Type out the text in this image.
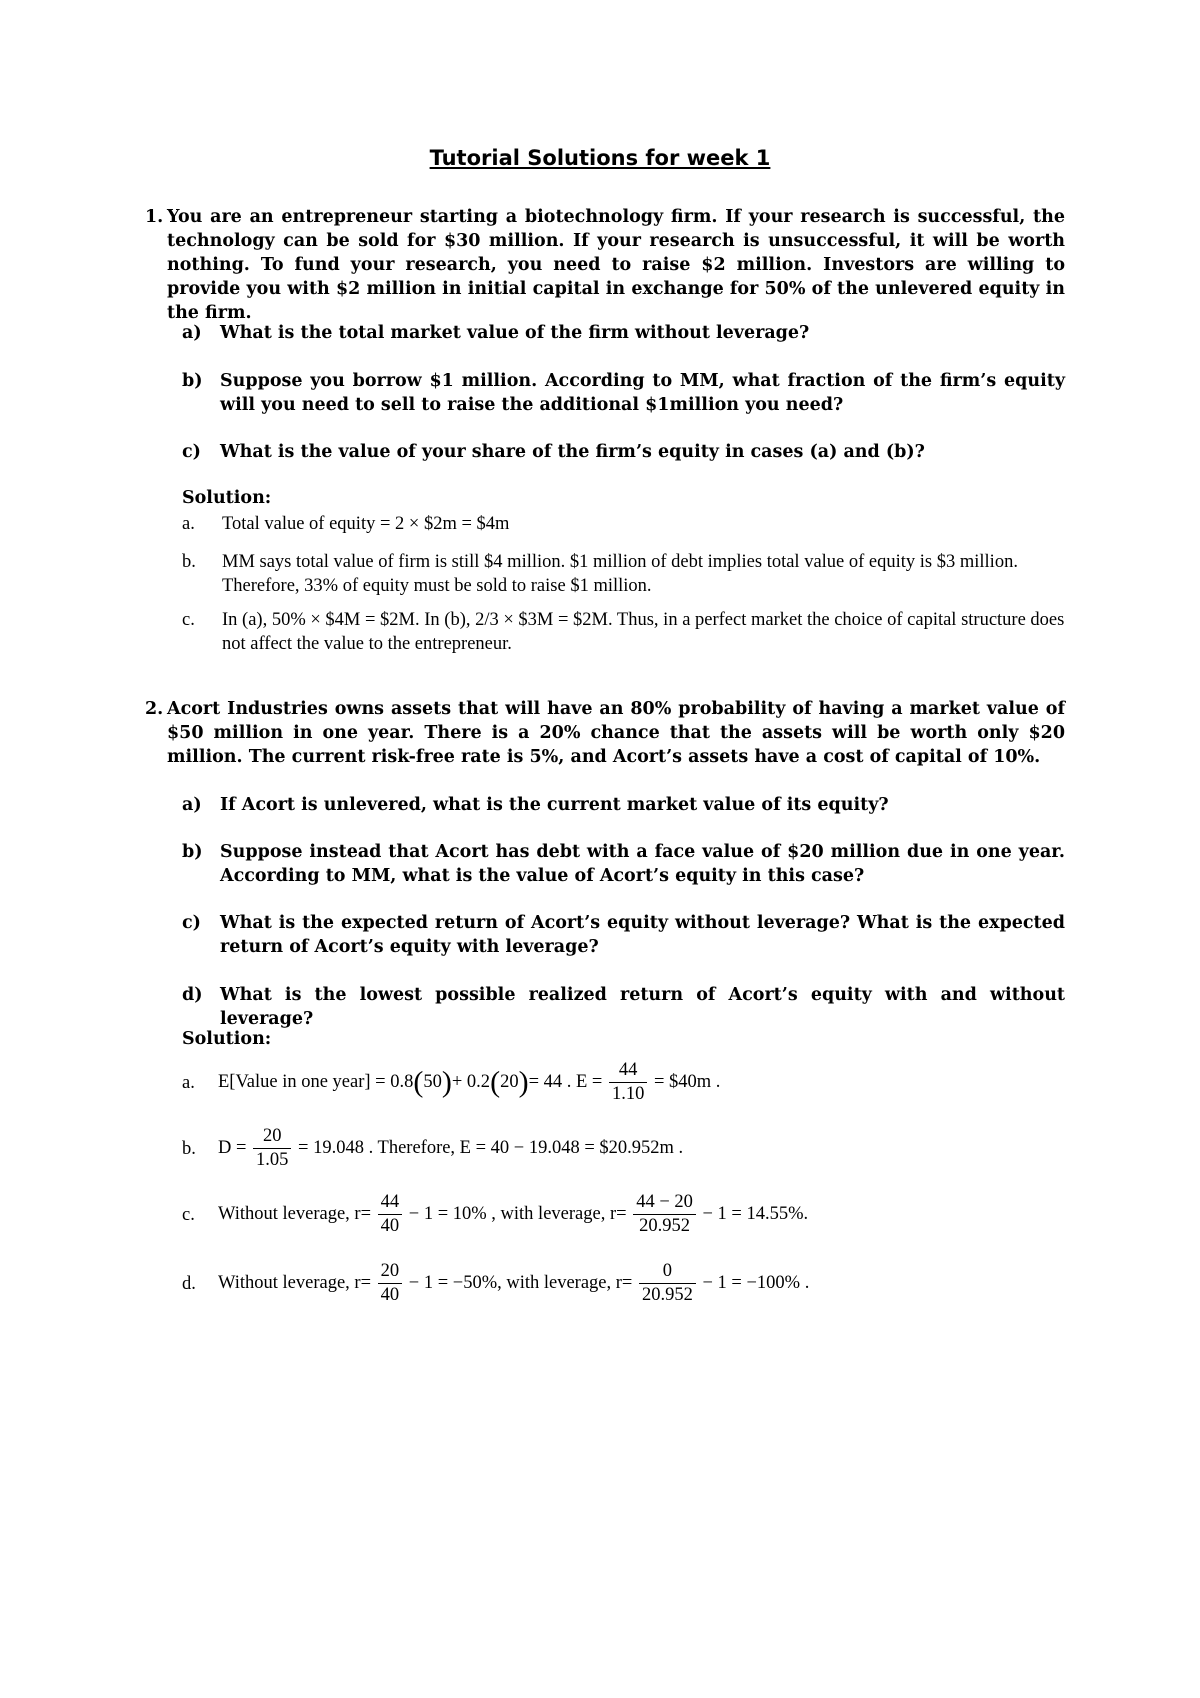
Tutorial Solutions for week 1
1. You are an entrepreneur starting a biotechnology firm. If your research is successful, the technology can be sold for $30 million. If your research is unsuccessful, it will be worth nothing. To fund your research, you need to raise $2 million. Investors are willing to provide you with $2 million in initial capital in exchange for 50% of the unlevered equity in the firm.
a) What is the total market value of the firm without leverage?
b) Suppose you borrow $1 million. According to MM, what fraction of the firm’s equity will you need to sell to raise the additional $1million you need?
c) What is the value of your share of the firm’s equity in cases (a) and (b)?
Solution:
a. Total value of equity = 2 × $2m = $4m
b. MM says total value of firm is still $4 million. $1 million of debt implies total value of equity is $3 million. Therefore, 33% of equity must be sold to raise $1 million.
c. In (a), 50% × $4M = $2M. In (b), 2/3 × $3M = $2M. Thus, in a perfect market the choice of capital structure does not affect the value to the entrepreneur.
2. Acort Industries owns assets that will have an 80% probability of having a market value of $50 million in one year. There is a 20% chance that the assets will be worth only $20 million. The current risk-free rate is 5%, and Acort’s assets have a cost of capital of 10%.
a) If Acort is unlevered, what is the current market value of its equity?
b) Suppose instead that Acort has debt with a face value of $20 million due in one year. According to MM, what is the value of Acort’s equity in this case?
c) What is the expected return of Acort’s equity without leverage? What is the expected return of Acort’s equity with leverage?
d) What is the lowest possible realized return of Acort’s equity with and without leverage?
Solution:
a. E[Value in one year] = 0.8(50)+ 0.2(20)= 44 . $E = \frac{44}{1.10}$ = $40m .
b. $D = \frac{20}{1.05} = 19.048$ . Therefore, E = 40 − 19.048 = $20.952m .
c. Without leverage, $r= \frac{44}{40} - 1 = 10\%$ , with leverage, $r= \frac{44 - 20}{20.952} - 1 = 14.55\%$.
d. Without leverage, $r= \frac{20}{40} - 1 = -50\%$, with leverage, $r= \frac{0}{20.952} - 1 = -100\%$ .
